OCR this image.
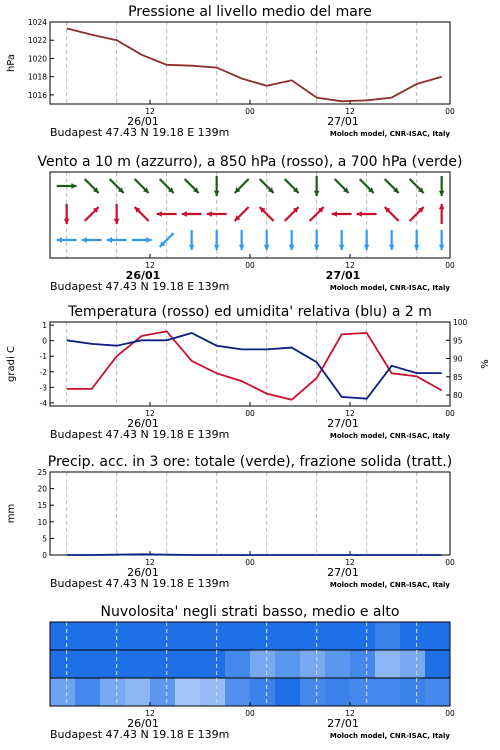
Pressione al livello medio del mare
12	00	12	00
26/01	27/01
Budapest 47.43 N 19.18 E 139m	Moloch model, CNR-ISAC, Italy
1016
1018
1020
1022
1024
hPa
Vento a 10 m (azzurro), a 850 hPa (rosso), a 700 hPa (verde)
12	00	12	00
26/01	27/01
Budapest 47.43 N 19.18 E 139m	Moloch model, CNR-ISAC, Italy
Temperatura (rosso) ed umidita' relativa (blu) a 2 m
12	00	12	00
26/01	27/01
Budapest 47.43 N 19.18 E 139m	Moloch model, CNR-ISAC, Italy
1
0
-1
-2
-3
-4
100
95
90
85
80
gradi C	%
Precip. acc. in 3 ore: totale (verde), frazione solida (tratt.)
12	00	12	00
26/01	27/01
Budapest 47.43 N 19.18 E 139m	Moloch model, CNR-ISAC, Italy
0
5
10
15
20
25
mm
Nuvolosita' negli strati basso, medio e alto
12	00	12	00
26/01	27/01
Budapest 47.43 N 19.18 E 139m	Moloch model, CNR-ISAC, Italy
